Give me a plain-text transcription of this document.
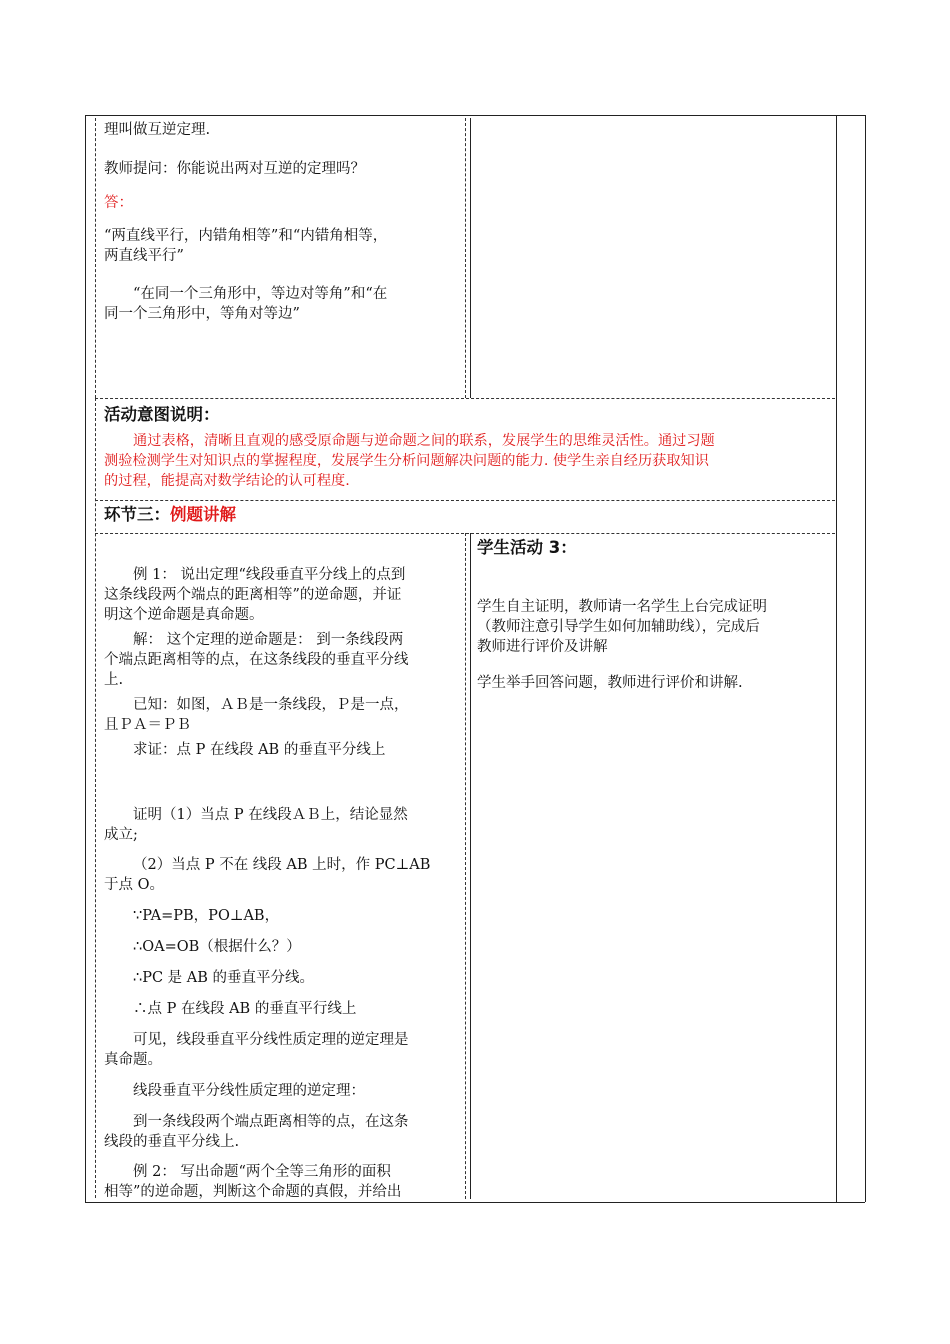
理叫做互逆定理.

教师提问：你能说出两对互逆的定理吗？

答：

“两直线平行，内错角相等”和“内错角相等，

两直线平行”

“在同一个三角形中，等边对等角”和“在

同一个三角形中，等角对等边”

活动意图说明：

通过表格，清晰且直观的感受原命题与逆命题之间的联系，发展学生的思维灵活性。通过习题

测验检测学生对知识点的掌握程度，发展学生分析问题解决问题的能力. 使学生亲自经历获取知识

的过程，能提高对数学结论的认可程度.

环节三：例题讲解

例 1： 说出定理“线段垂直平分线上的点到

这条线段两个端点的距离相等”的逆命题，并证

明这个逆命题是真命题。

解： 这个定理的逆命题是： 到一条线段两

个端点距离相等的点，在这条线段的垂直平分线

上.

已知：如图，ＡＢ是一条线段，Ｐ是一点，

且ＰＡ＝ＰＢ

求证：点 P 在线段 AB 的垂直平分线上

证明（1）当点 P 在线段ＡＢ上，结论显然

成立;

（2）当点 P 不在 线段 AB 上时，作 PC⊥AB

于点 O。

∵PA=PB，PO⊥AB，

∴OA=OB（根据什么？）

∴PC 是 AB 的垂直平分线。

∴点 P 在线段 AB 的垂直平行线上

可见，线段垂直平分线性质定理的逆定理是

真命题。

线段垂直平分线性质定理的逆定理：

到一条线段两个端点距离相等的点，在这条

线段的垂直平分线上.

例 2： 写出命题“两个全等三角形的面积

相等”的逆命题，判断这个命题的真假，并给出

学生活动 3：

学生自主证明，教师请一名学生上台完成证明

（教师注意引导学生如何加辅助线），完成后

教师进行评价及讲解

学生举手回答问题，教师进行评价和讲解.
